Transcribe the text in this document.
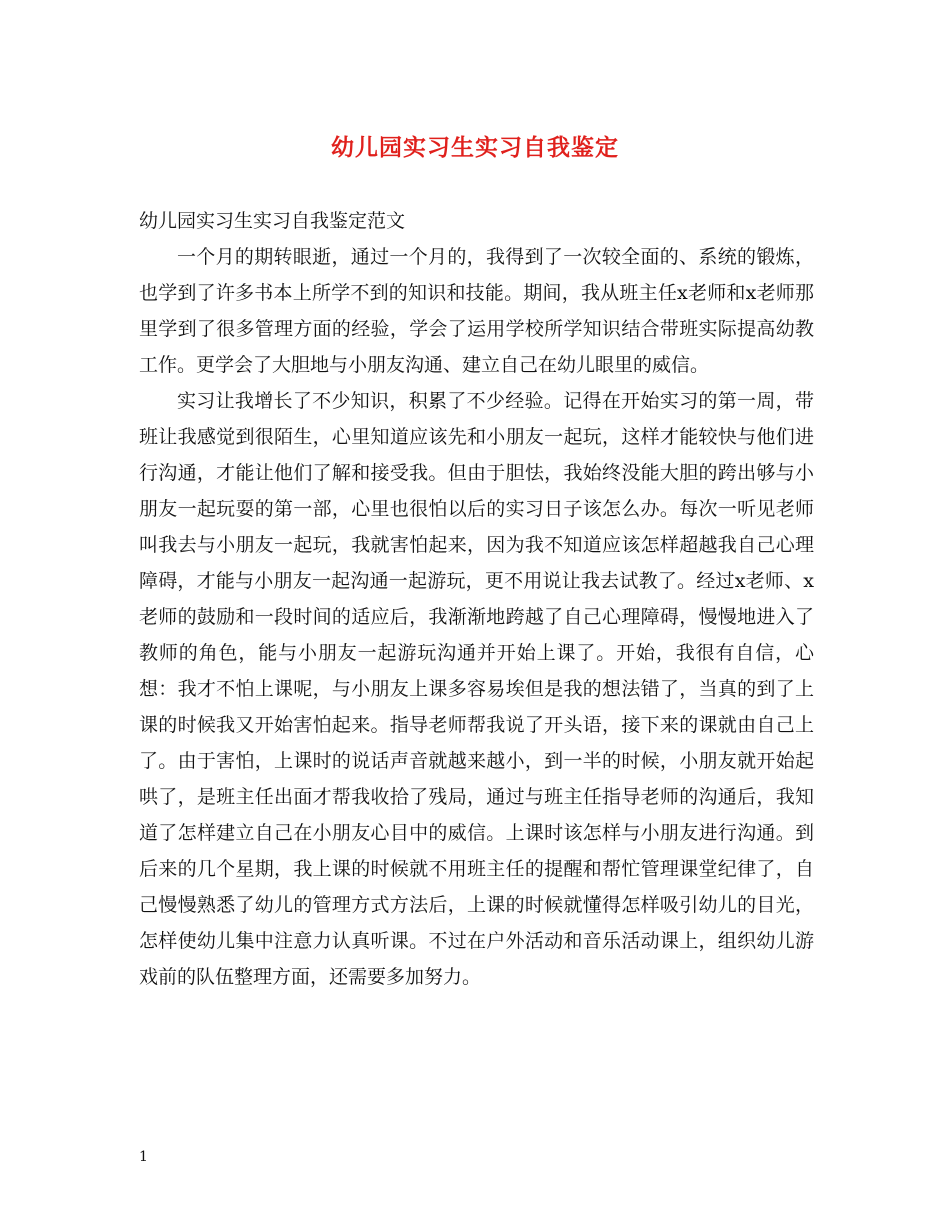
幼儿园实习生实习自我鉴定

幼儿园实习生实习自我鉴定范文

一个月的期转眼逝，通过一个月的，我得到了一次较全面的、系统的锻炼，也学到了许多书本上所学不到的知识和技能。期间，我从班主任x老师和x老师那里学到了很多管理方面的经验，学会了运用学校所学知识结合带班实际提高幼教工作。更学会了大胆地与小朋友沟通、建立自己在幼儿眼里的威信。

实习让我增长了不少知识，积累了不少经验。记得在开始实习的第一周，带班让我感觉到很陌生，心里知道应该先和小朋友一起玩，这样才能较快与他们进行沟通，才能让他们了解和接受我。但由于胆怯，我始终没能大胆的跨出够与小朋友一起玩耍的第一部，心里也很怕以后的实习日子该怎么办。每次一听见老师叫我去与小朋友一起玩，我就害怕起来，因为我不知道应该怎样超越我自己心理障碍，才能与小朋友一起沟通一起游玩，更不用说让我去试教了。经过x老师、x老师的鼓励和一段时间的适应后，我渐渐地跨越了自己心理障碍，慢慢地进入了教师的角色，能与小朋友一起游玩沟通并开始上课了。开始，我很有自信，心想：我才不怕上课呢，与小朋友上课多容易埃但是我的想法错了，当真的到了上课的时候我又开始害怕起来。指导老师帮我说了开头语，接下来的课就由自己上了。由于害怕，上课时的说话声音就越来越小，到一半的时候，小朋友就开始起哄了，是班主任出面才帮我收拾了残局，通过与班主任指导老师的沟通后，我知道了怎样建立自己在小朋友心目中的威信。上课时该怎样与小朋友进行沟通。到后来的几个星期，我上课的时候就不用班主任的提醒和帮忙管理课堂纪律了，自己慢慢熟悉了幼儿的管理方式方法后，上课的时候就懂得怎样吸引幼儿的目光，怎样使幼儿集中注意力认真听课。不过在户外活动和音乐活动课上，组织幼儿游戏前的队伍整理方面，还需要多加努力。

1
